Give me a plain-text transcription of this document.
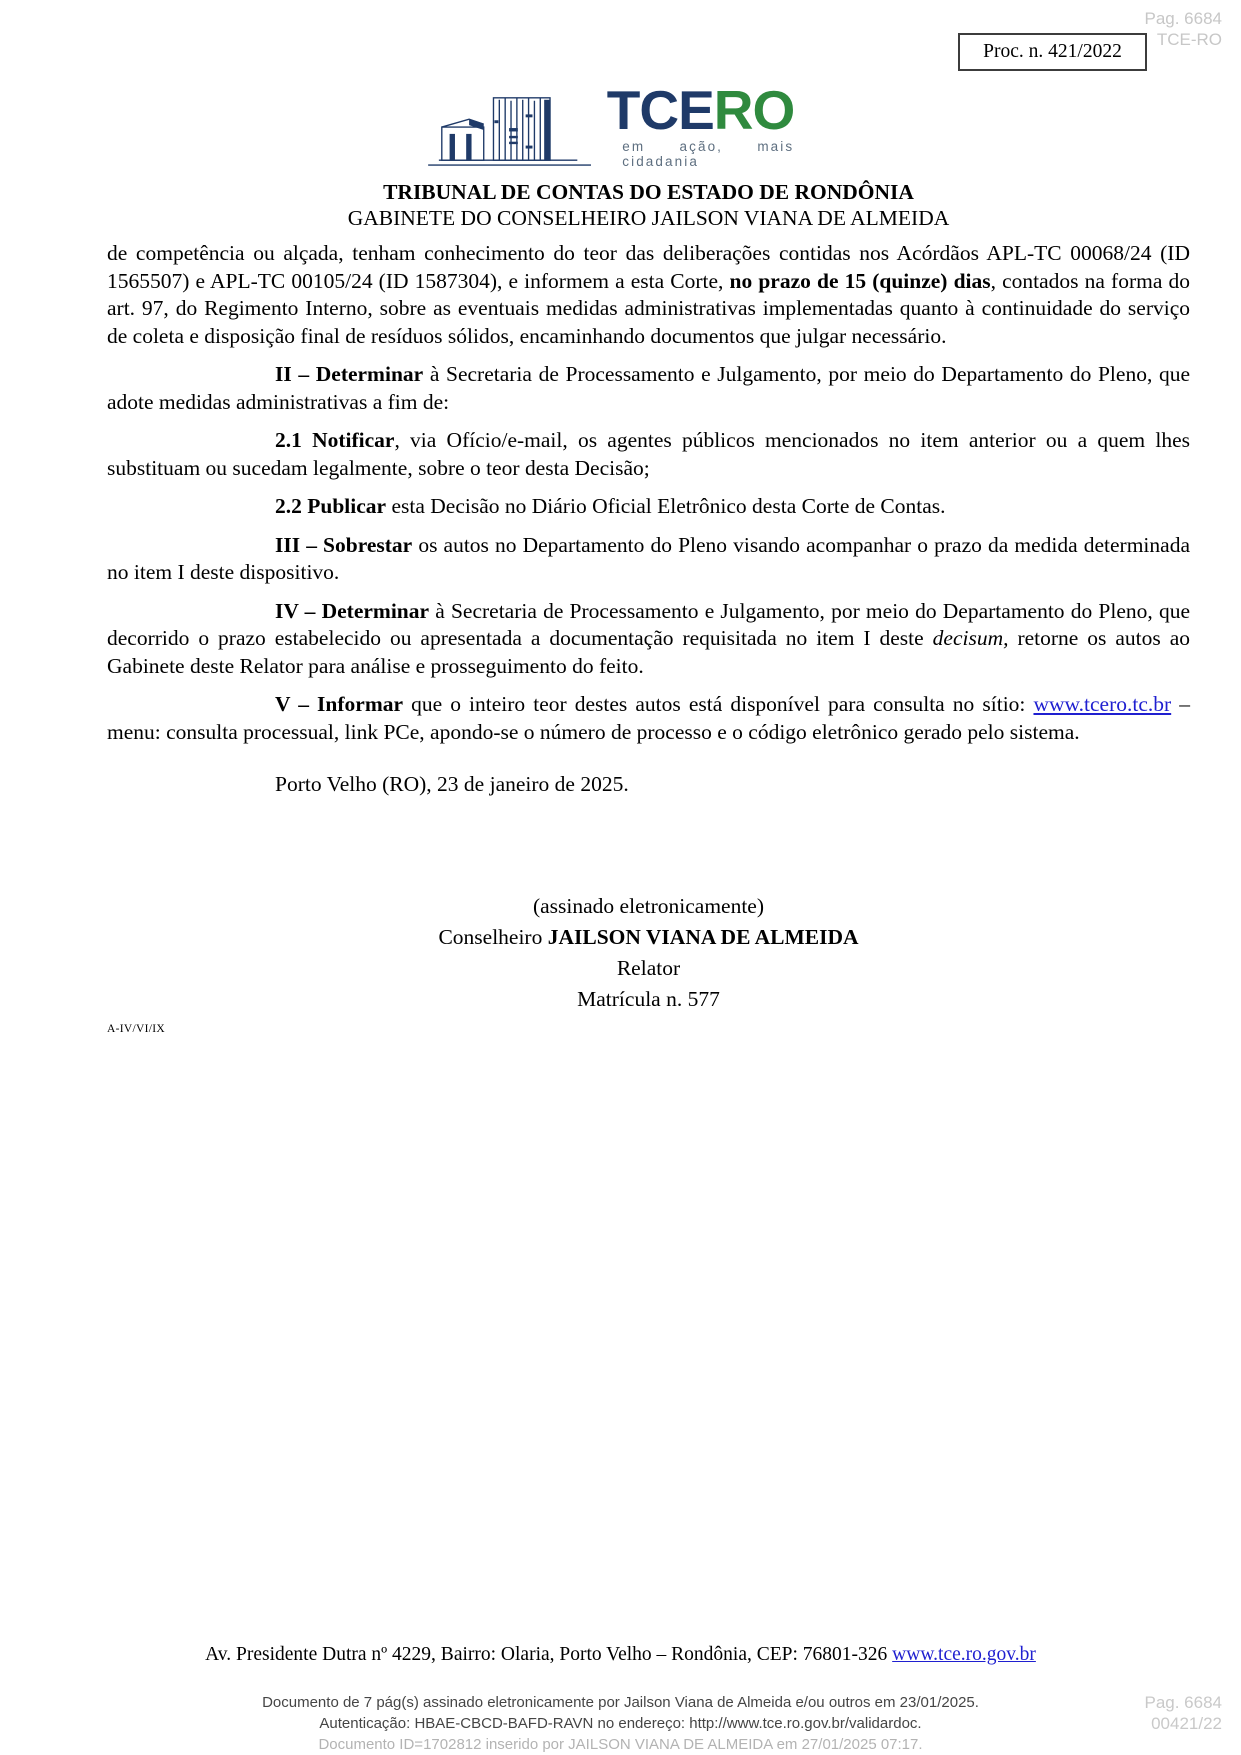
Pag. 6684
TCE-RO
Proc. n. 421/2022
TCERO
em ação, mais cidadania
TRIBUNAL DE CONTAS DO ESTADO DE RONDÔNIA
GABINETE DO CONSELHEIRO JAILSON VIANA DE ALMEIDA

de competência ou alçada, tenham conhecimento do teor das deliberações contidas nos Acórdãos APL-TC 00068/24 (ID 1565507) e APL-TC 00105/24 (ID 1587304), e informem a esta Corte, no prazo de 15 (quinze) dias, contados na forma do art. 97, do Regimento Interno, sobre as eventuais medidas administrativas implementadas quanto à continuidade do serviço de coleta e disposição final de resíduos sólidos, encaminhando documentos que julgar necessário.

II – Determinar à Secretaria de Processamento e Julgamento, por meio do Departamento do Pleno, que adote medidas administrativas a fim de:

2.1 Notificar, via Ofício/e-mail, os agentes públicos mencionados no item anterior ou a quem lhes substituam ou sucedam legalmente, sobre o teor desta Decisão;

2.2 Publicar esta Decisão no Diário Oficial Eletrônico desta Corte de Contas.

III – Sobrestar os autos no Departamento do Pleno visando acompanhar o prazo da medida determinada no item I deste dispositivo.

IV – Determinar à Secretaria de Processamento e Julgamento, por meio do Departamento do Pleno, que decorrido o prazo estabelecido ou apresentada a documentação requisitada no item I deste decisum, retorne os autos ao Gabinete deste Relator para análise e prosseguimento do feito.

V – Informar que o inteiro teor destes autos está disponível para consulta no sítio: www.tcero.tc.br – menu: consulta processual, link PCe, apondo-se o número de processo e o código eletrônico gerado pelo sistema.

Porto Velho (RO), 23 de janeiro de 2025.
(assinado eletronicamente)
Conselheiro JAILSON VIANA DE ALMEIDA
Relator
Matrícula n. 577
A-IV/VI/IX
Av. Presidente Dutra nº 4229, Bairro: Olaria, Porto Velho – Rondônia, CEP: 76801-326 www.tce.ro.gov.br
Documento de 7 pág(s) assinado eletronicamente por Jailson Viana de Almeida e/ou outros em 23/01/2025.
Autenticação: HBAE-CBCD-BAFD-RAVN no endereço: http://www.tce.ro.gov.br/validardoc.
Documento ID=1702812 inserido por JAILSON VIANA DE ALMEIDA em 27/01/2025 07:17.
Pag. 6684
00421/22
